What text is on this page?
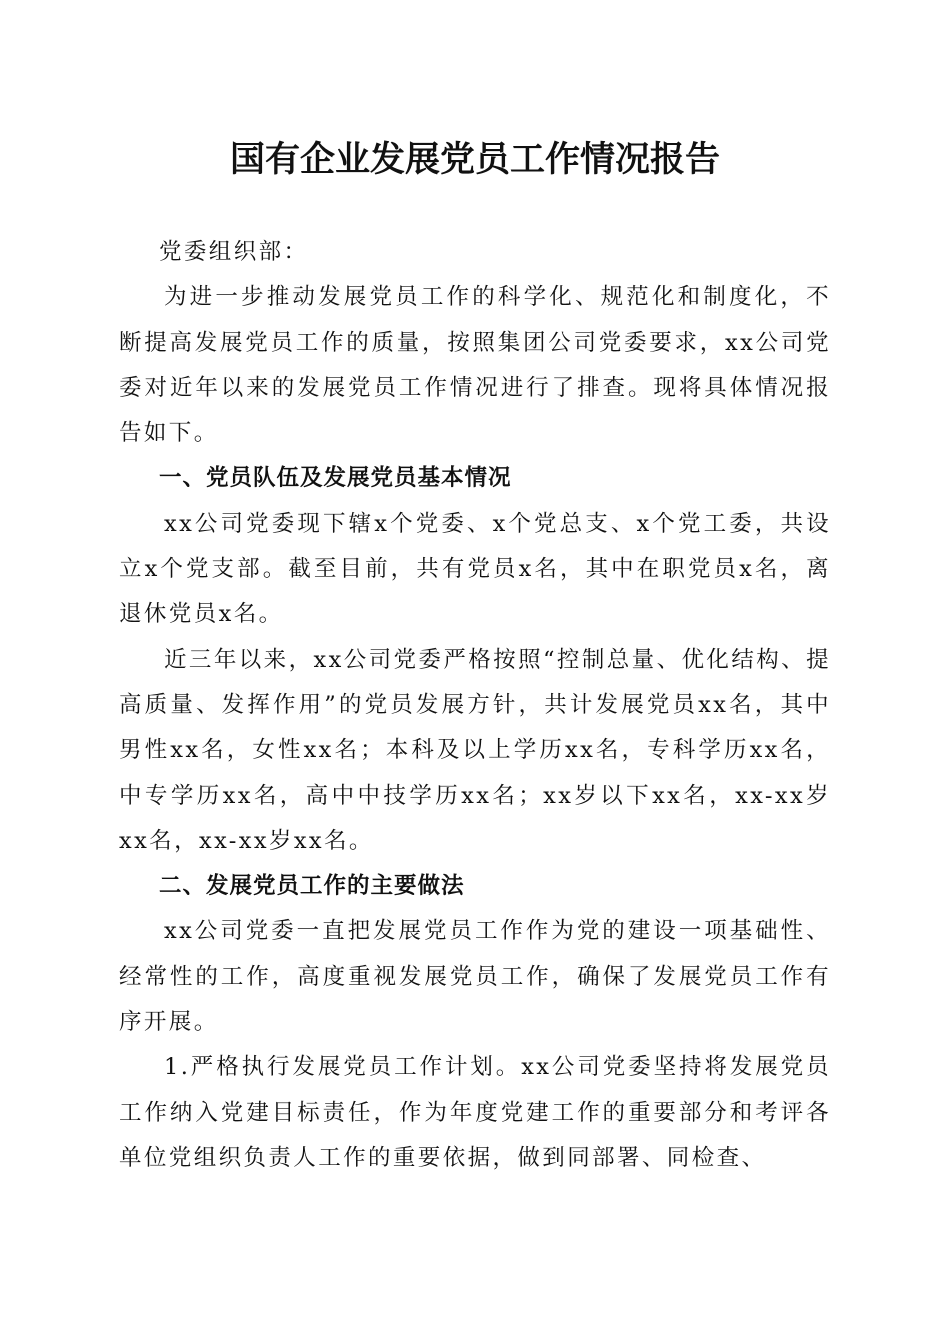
国有企业发展党员工作情况报告

党委组织部：

为进一步推动发展党员工作的科学化、规范化和制度化，不断提高发展党员工作的质量，按照集团公司党委要求，xx公司党委对近年以来的发展党员工作情况进行了排查。现将具体情况报告如下。

一、党员队伍及发展党员基本情况

xx公司党委现下辖x个党委、x个党总支、x个党工委，共设立x个党支部。截至目前，共有党员x名，其中在职党员x名，离退休党员x名。

近三年以来，xx公司党委严格按照“控制总量、优化结构、提高质量、发挥作用”的党员发展方针，共计发展党员xx名，其中男性xx名，女性xx名；本科及以上学历xx名，专科学历xx名，中专学历xx名，高中中技学历xx名；xx岁以下xx名，xx-xx岁xx名，xx-xx岁xx名。

二、发展党员工作的主要做法

xx公司党委一直把发展党员工作作为党的建设一项基础性、经常性的工作，高度重视发展党员工作，确保了发展党员工作有序开展。

1.严格执行发展党员工作计划。xx公司党委坚持将发展党员工作纳入党建目标责任，作为年度党建工作的重要部分和考评各单位党组织负责人工作的重要依据，做到同部署、同检查、
